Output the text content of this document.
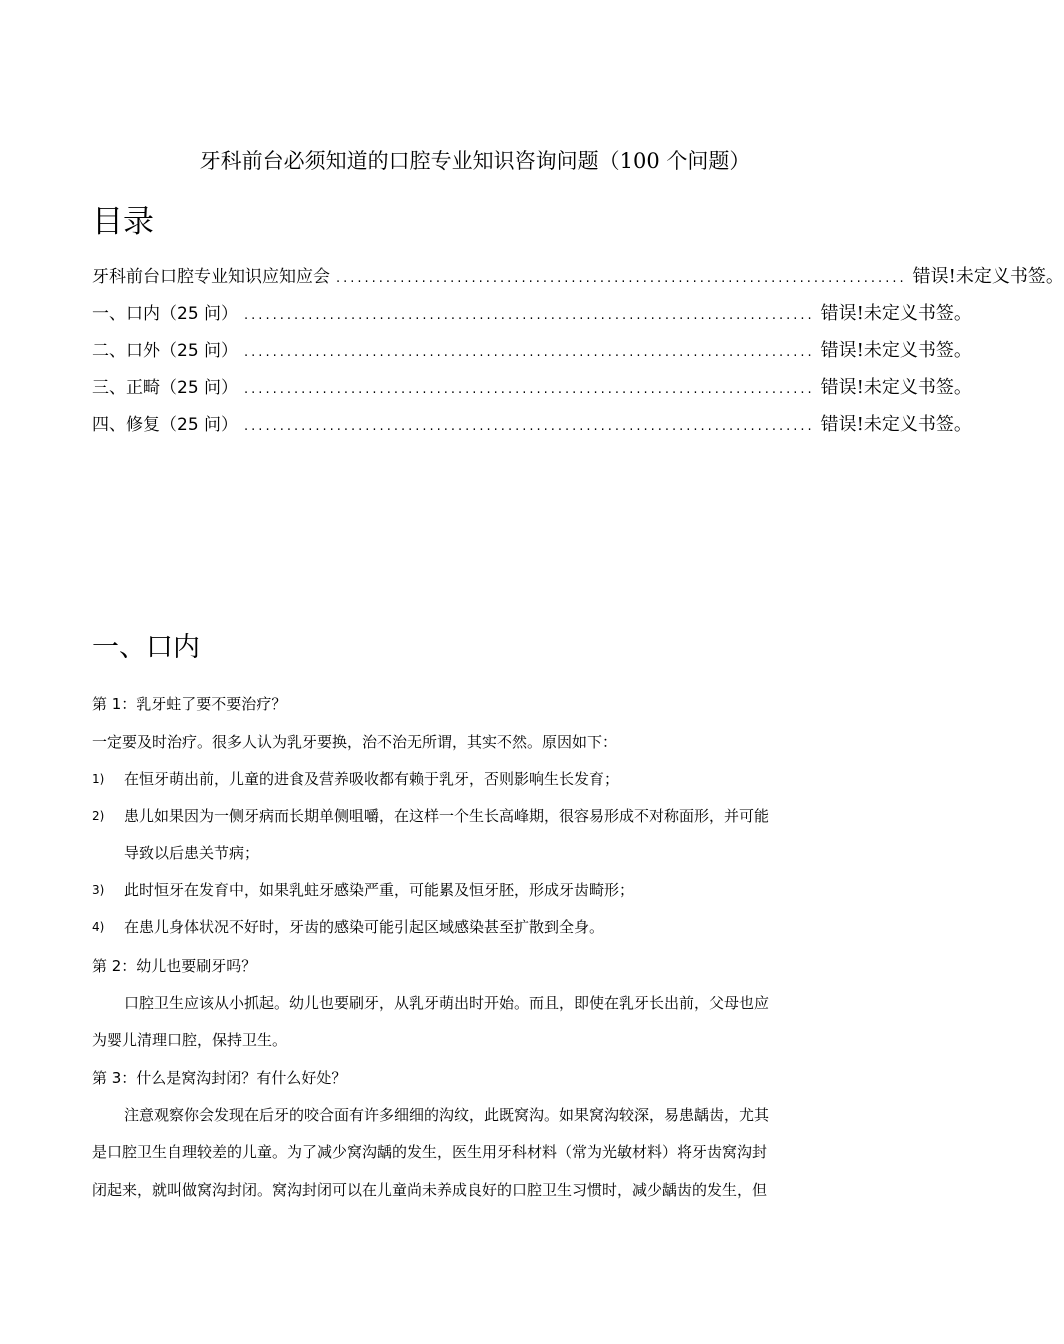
牙科前台必须知道的口腔专业知识咨询问题（100 个问题）
目录
牙科前台口腔专业知识应知应会 ................................................................................ 错误!未定义书签。
一、口内（25 问） ................................................................................ 错误!未定义书签。
二、口外（25 问） ................................................................................ 错误!未定义书签。
三、正畸（25 问） ................................................................................ 错误!未定义书签。
四、修复（25 问） ................................................................................ 错误!未定义书签。
一、口内
第 1：乳牙蛀了要不要治疗？
一定要及时治疗。很多人认为乳牙要换，治不治无所谓，其实不然。原因如下：
1) 在恒牙萌出前，儿童的进食及营养吸收都有赖于乳牙，否则影响生长发育；
2) 患儿如果因为一侧牙病而长期单侧咀嚼，在这样一个生长高峰期，很容易形成不对称面形，并可能
导致以后患关节病；
3) 此时恒牙在发育中，如果乳蛀牙感染严重，可能累及恒牙胚，形成牙齿畸形；
4) 在患儿身体状况不好时，牙齿的感染可能引起区域感染甚至扩散到全身。
第 2：幼儿也要刷牙吗？
口腔卫生应该从小抓起。幼儿也要刷牙，从乳牙萌出时开始。而且，即使在乳牙长出前，父母也应
为婴儿清理口腔，保持卫生。
第 3：什么是窝沟封闭？有什么好处？
注意观察你会发现在后牙的咬合面有许多细细的沟纹，此既窝沟。如果窝沟较深，易患龋齿，尤其
是口腔卫生自理较差的儿童。为了减少窝沟龋的发生，医生用牙科材料（常为光敏材料）将牙齿窝沟封
闭起来，就叫做窝沟封闭。窝沟封闭可以在儿童尚未养成良好的口腔卫生习惯时，减少龋齿的发生，但
